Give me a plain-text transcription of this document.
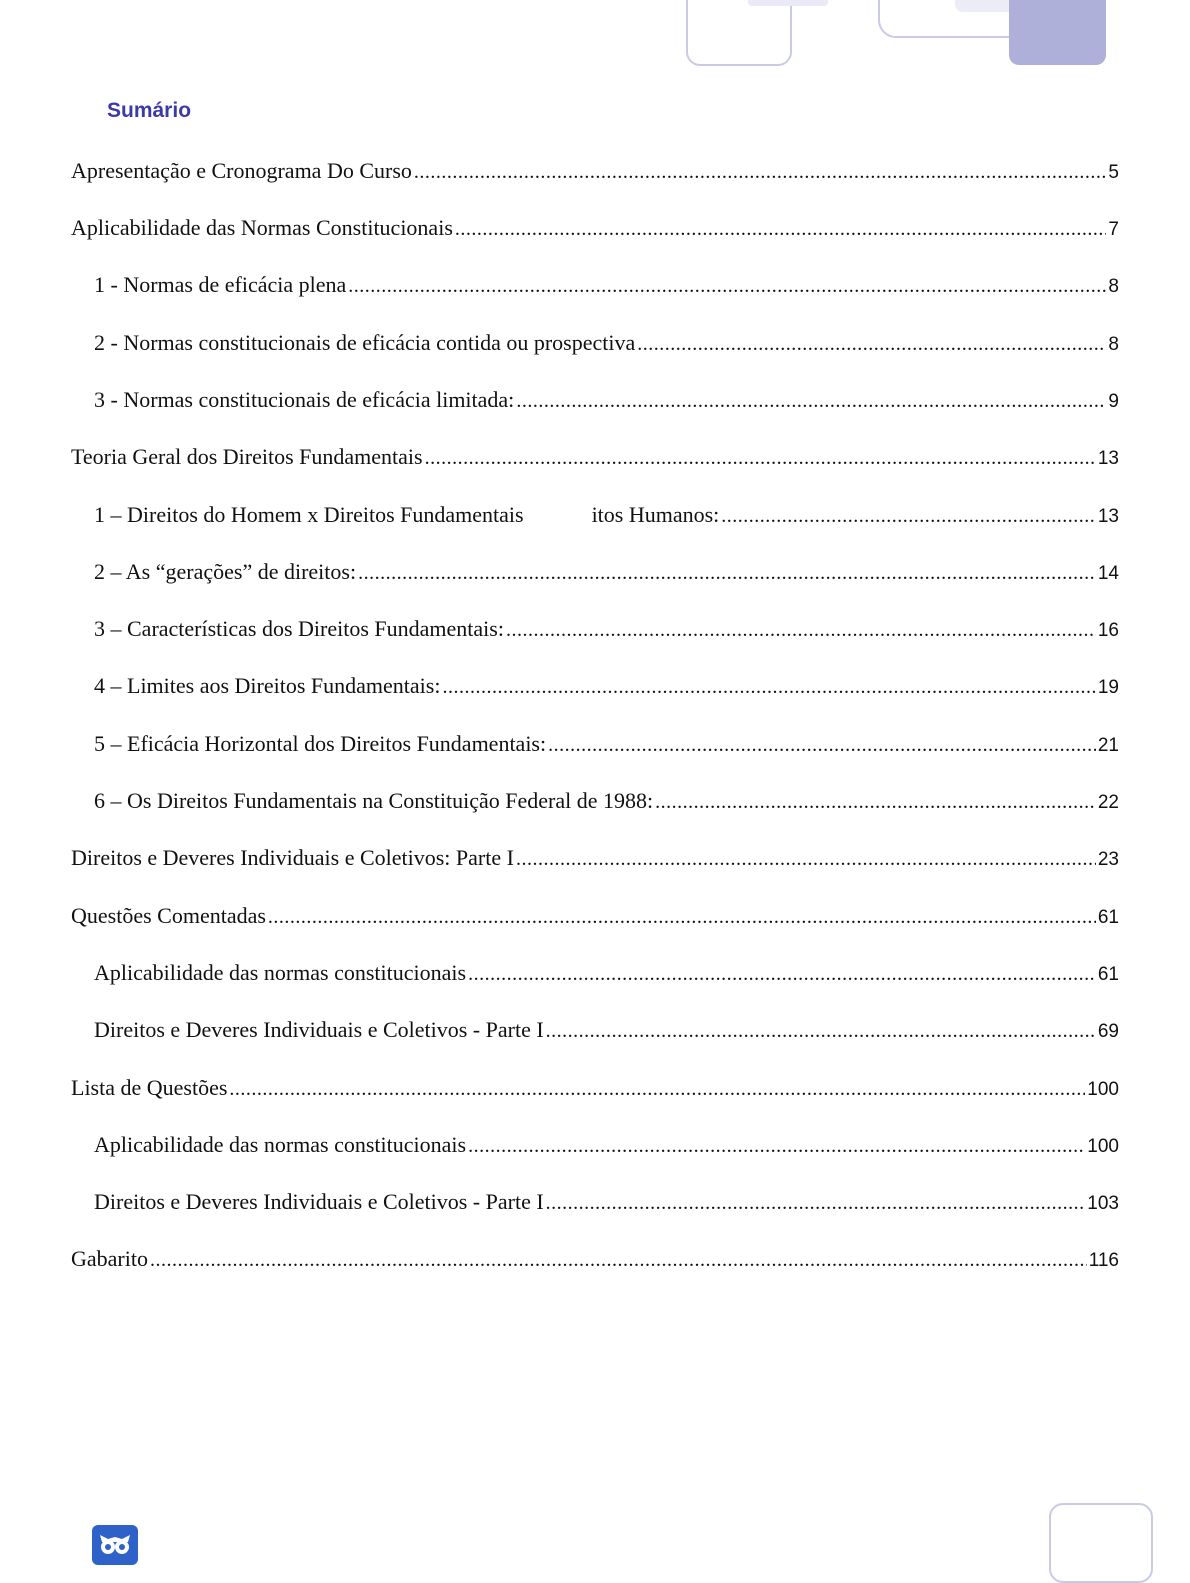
Sumário
Apresentação e Cronograma Do Curso .....	5
Aplicabilidade das Normas Constitucionais .....	7
1 - Normas de eficácia plena .....	8
2 - Normas constitucionais de eficácia contida ou prospectiva .....	8
3 - Normas constitucionais de eficácia limitada: .....	9
Teoria Geral dos Direitos Fundamentais .....	13
1 – Direitos do Homem x Direitos Fundamentais	itos Humanos: .....	13
2 – As “gerações” de direitos: .....	14
3 – Características dos Direitos Fundamentais: .....	16
4 – Limites aos Direitos Fundamentais: .....	19
5 – Eficácia Horizontal dos Direitos Fundamentais: .....	21
6 – Os Direitos Fundamentais na Constituição Federal de 1988: .....	22
Direitos e Deveres Individuais e Coletivos: Parte I .....	23
Questões Comentadas .....	61
Aplicabilidade das normas constitucionais .....	61
Direitos e Deveres Individuais e Coletivos - Parte I .....	69
Lista de Questões .....	100
Aplicabilidade das normas constitucionais .....	100
Direitos e Deveres Individuais e Coletivos - Parte I .....	103
Gabarito .....	116
